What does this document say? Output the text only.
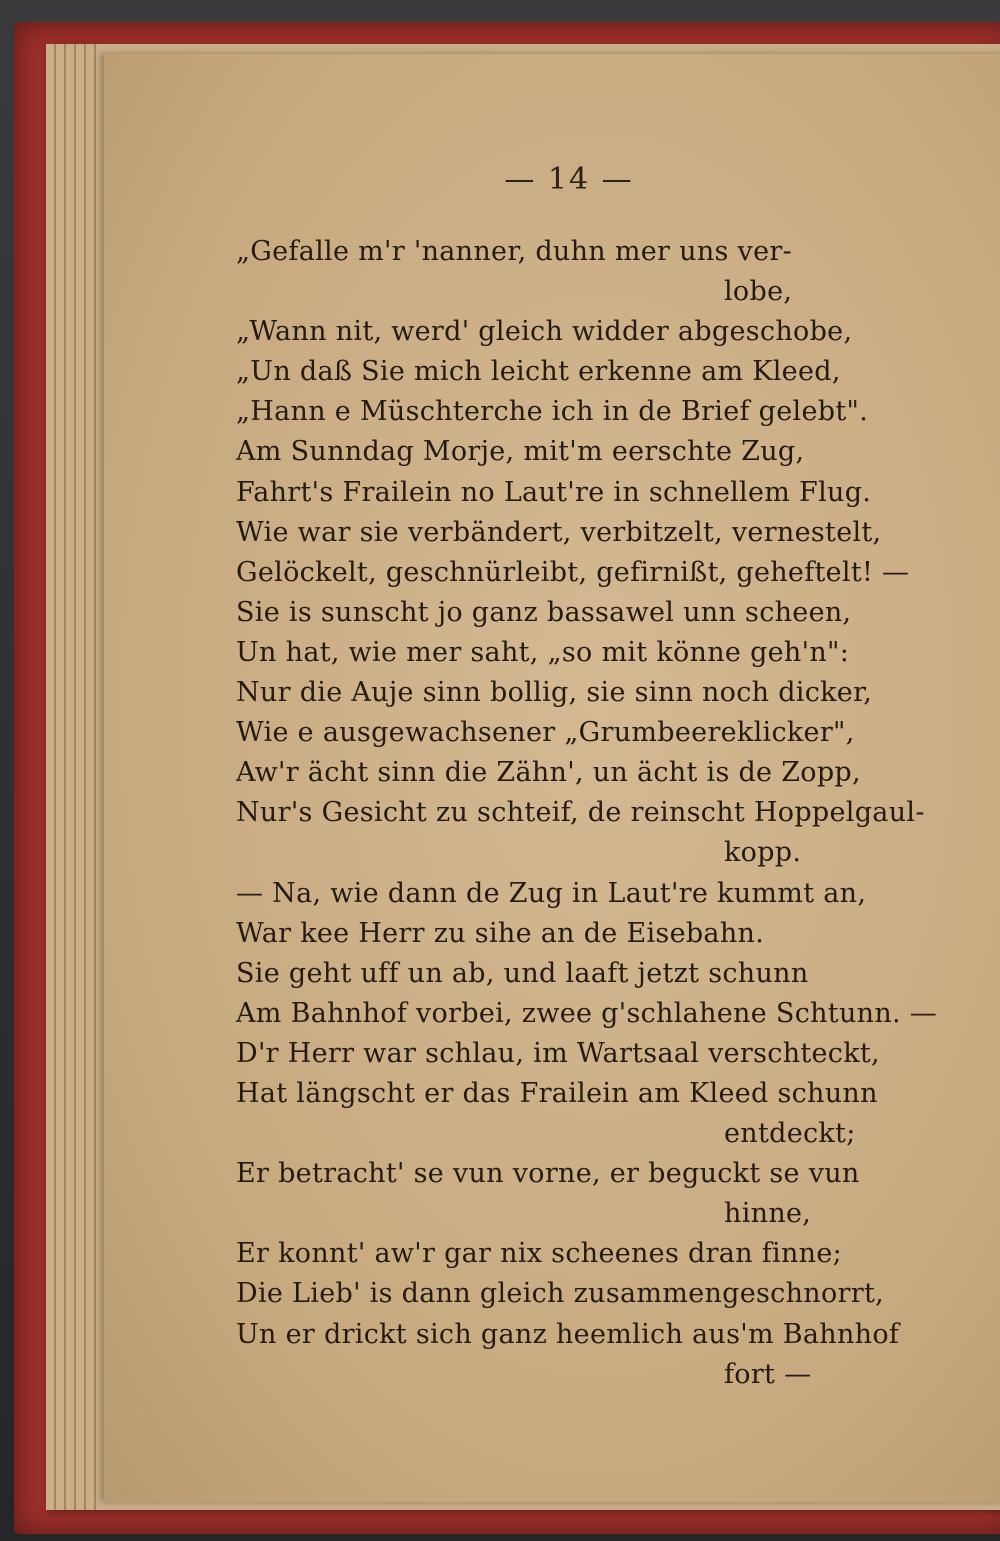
— 14 —
„Gefalle m'r 'nanner, duhn mer uns ver-
lobe,
„Wann nit, werd' gleich widder abgeschobe,
„Un daß Sie mich leicht erkenne am Kleed,
„Hann e Müschterche ich in de Brief gelebt".
Am Sunndag Morje, mit'm eerschte Zug,
Fahrt's Frailein no Laut're in schnellem Flug.
Wie war sie verbändert, verbitzelt, vernestelt,
Gelöckelt, geschnürleibt, gefirnißt, geheftelt! —
Sie is sunscht jo ganz bassawel unn scheen,
Un hat, wie mer saht, „so mit könne geh'n":
Nur die Auje sinn bollig, sie sinn noch dicker,
Wie e ausgewachsener „Grumbeereklicker",
Aw'r ächt sinn die Zähn', un ächt is de Zopp,
Nur's Gesicht zu schteif, de reinscht Hoppelgaul-
kopp.
— Na, wie dann de Zug in Laut're kummt an,
War kee Herr zu sihe an de Eisebahn.
Sie geht uff un ab, und laaft jetzt schunn
Am Bahnhof vorbei, zwee g'schlahene Schtunn. —
D'r Herr war schlau, im Wartsaal verschteckt,
Hat längscht er das Frailein am Kleed schunn
entdeckt;
Er betracht' se vun vorne, er beguckt se vun
hinne,
Er konnt' aw'r gar nix scheenes dran finne;
Die Lieb' is dann gleich zusammengeschnorrt,
Un er drickt sich ganz heemlich aus'm Bahnhof
fort —
